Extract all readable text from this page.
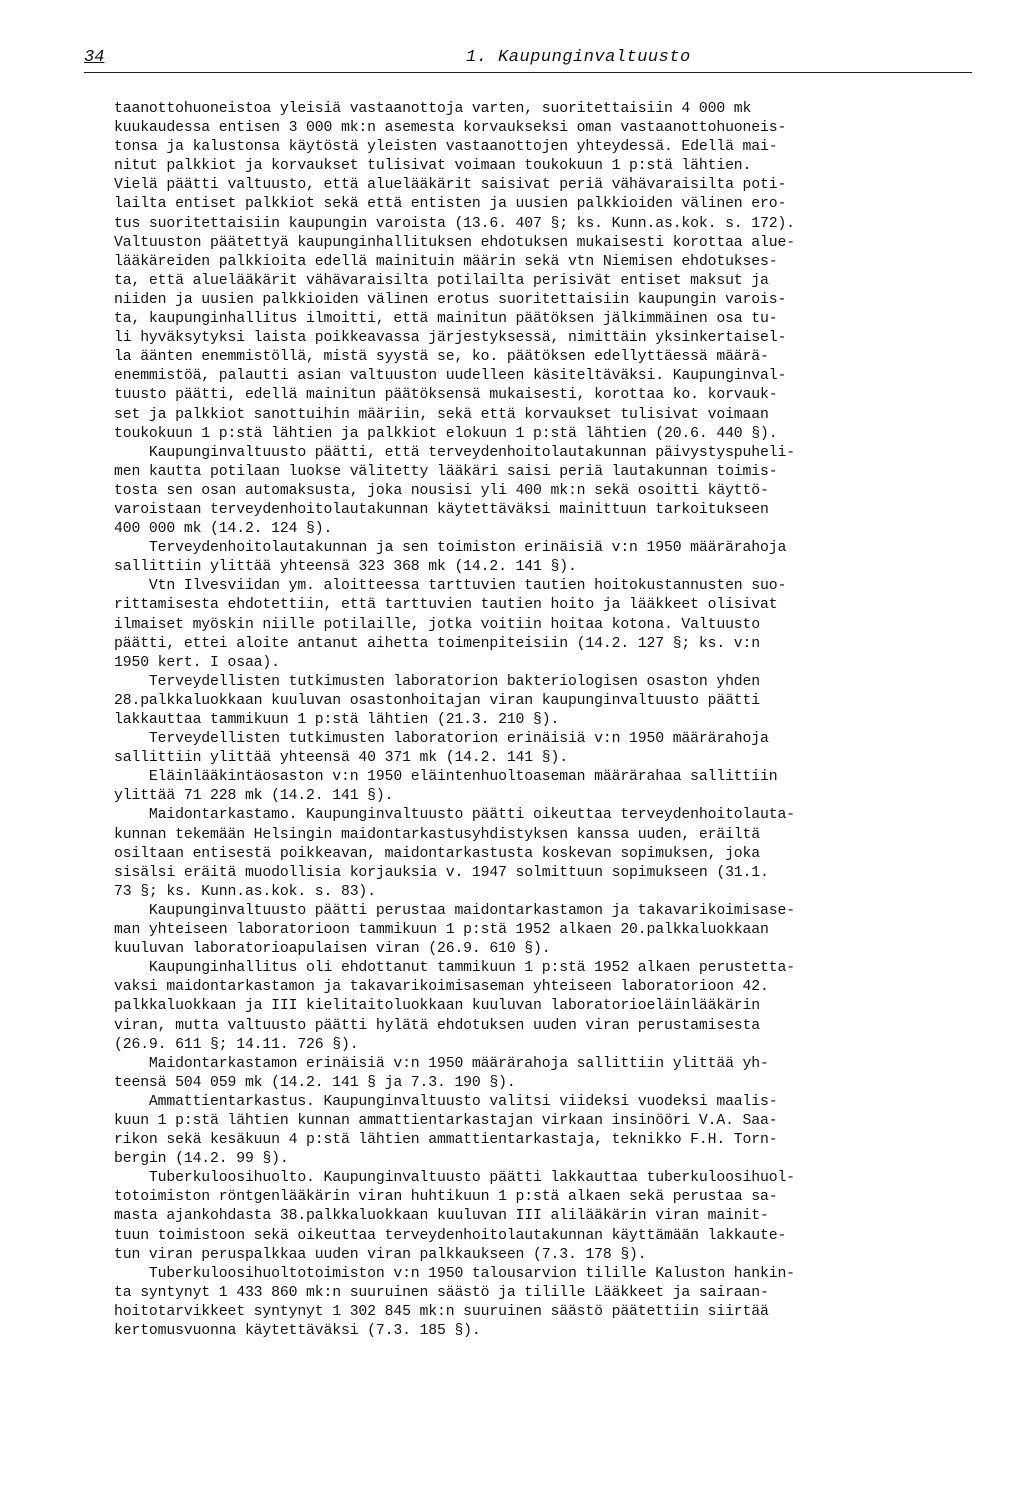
34	1. Kaupunginvaltuusto
taanottohuoneistoa yleisiä vastaanottoja varten, suoritettaisiin 4 000 mk
kuukaudessa entisen 3 000 mk:n asemesta korvaukseksi oman vastaanottohuoneis-
tonsa ja kalustonsa käytöstä yleisten vastaanottojen yhteydessä. Edellä mai-
nitut palkkiot ja korvaukset tulisivat voimaan toukokuun 1 p:stä lähtien.
Vielä päätti valtuusto, että aluelääkärit saisivat periä vähävaraisilta poti-
lailta entiset palkkiot sekä että entisten ja uusien palkkioiden välinen ero-
tus suoritettaisiin kaupungin varoista (13.6. 407 §; ks. Kunn.as.kok. s. 172).
Valtuuston päätettyä kaupunginhallituksen ehdotuksen mukaisesti korottaa alue-
lääkäreiden palkkioita edellä mainituin määrin sekä vtn Niemisen ehdotukses-
ta, että aluelääkärit vähävaraisilta potilailta perisivät entiset maksut ja
niiden ja uusien palkkioiden välinen erotus suoritettaisiin kaupungin varois-
ta, kaupunginhallitus ilmoitti, että mainitun päätöksen jälkimmäinen osa tu-
li hyväksytyksi laista poikkeavassa järjestyksessä, nimittäin yksinkertaisel-
la äänten enemmistöllä, mistä syystä se, ko. päätöksen edellyttäessä määrä-
enemmistöä, palautti asian valtuuston uudelleen käsiteltäväksi. Kaupunginval-
tuusto päätti, edellä mainitun päätöksensä mukaisesti, korottaa ko. korvauk-
set ja palkkiot sanottuihin määriin, sekä että korvaukset tulisivat voimaan
toukokuun 1 p:stä lähtien ja palkkiot elokuun 1 p:stä lähtien (20.6. 440 §).
Kaupunginvaltuusto päätti, että terveydenhoitolautakunnan päivystyspuheli-
men kautta potilaan luokse välitetty lääkäri saisi periä lautakunnan toimis-
tosta sen osan automaksusta, joka nousisi yli 400 mk:n sekä osoitti käyttö-
varoistaan terveydenhoitolautakunnan käytettäväksi mainittuun tarkoitukseen
400 000 mk (14.2. 124 §).
Terveydenhoitolautakunnan ja sen toimiston erinäisiä v:n 1950 määrärahoja
sallittiin ylittää yhteensä 323 368 mk (14.2. 141 §).
Vtn Ilvesviidan ym. aloitteessa tarttuvien tautien hoitokustannusten suo-
rittamisesta ehdotettiin, että tarttuvien tautien hoito ja lääkkeet olisivat
ilmaiset myöskin niille potilaille, jotka voitiin hoitaa kotona. Valtuusto
päätti, ettei aloite antanut aihetta toimenpiteisiin (14.2. 127 §; ks. v:n
1950 kert. I osaa).
Terveydellisten tutkimusten laboratorion bakteriologisen osaston yhden
28.palkkaluokkaan kuuluvan osastonhoitajan viran kaupunginvaltuusto päätti
lakkauttaa tammikuun 1 p:stä lähtien (21.3. 210 §).
Terveydellisten tutkimusten laboratorion erinäisiä v:n 1950 määrärahoja
sallittiin ylittää yhteensä 40 371 mk (14.2. 141 §).
Eläinlääkintäosaston v:n 1950 eläintenhuoltoaseman määrärahaa sallittiin
ylittää 71 228 mk (14.2. 141 §).
Maidontarkastamo. Kaupunginvaltuusto päätti oikeuttaa terveydenhoitolauta-
kunnan tekemään Helsingin maidontarkastusyhdistyksen kanssa uuden, eräiltä
osiltaan entisestä poikkeavan, maidontarkastusta koskevan sopimuksen, joka
sisälsi eräitä muodollisia korjauksia v. 1947 solmittuun sopimukseen (31.1.
73 §; ks. Kunn.as.kok. s. 83).
Kaupunginvaltuusto päätti perustaa maidontarkastamon ja takavarikoimisase-
man yhteiseen laboratorioon tammikuun 1 p:stä 1952 alkaen 20.palkkaluokkaan
kuuluvan laboratorioapulaisen viran (26.9. 610 §).
Kaupunginhallitus oli ehdottanut tammikuun 1 p:stä 1952 alkaen perustetta-
vaksi maidontarkastamon ja takavarikoimisaseman yhteiseen laboratorioon 42.
palkkaluokkaan ja III kielitaitoluokkaan kuuluvan laboratorioeläinlääkärin
viran, mutta valtuusto päätti hylätä ehdotuksen uuden viran perustamisesta
(26.9. 611 §; 14.11. 726 §).
Maidontarkastamon erinäisiä v:n 1950 määrärahoja sallittiin ylittää yh-
teensä 504 059 mk (14.2. 141 § ja 7.3. 190 §).
Ammattientarkastus. Kaupunginvaltuusto valitsi viideksi vuodeksi maalis-
kuun 1 p:stä lähtien kunnan ammattientarkastajan virkaan insinööri V.A. Saa-
rikon sekä kesäkuun 4 p:stä lähtien ammattientarkastaja, teknikko F.H. Torn-
bergin (14.2. 99 §).
Tuberkuloosihuolto. Kaupunginvaltuusto päätti lakkauttaa tuberkuloosihuol-
totoimiston röntgenlääkärin viran huhtikuun 1 p:stä alkaen sekä perustaa sa-
masta ajankohdasta 38.palkkaluokkaan kuuluvan III alilääkärin viran mainit-
tuun toimistoon sekä oikeuttaa terveydenhoitolautakunnan käyttämään lakkaute-
tun viran peruspalkkaa uuden viran palkkaukseen (7.3. 178 §).
Tuberkuloosihuoltotoimiston v:n 1950 talousarvion tilille Kaluston hankin-
ta syntynyt 1 433 860 mk:n suuruinen säästö ja tilille Lääkkeet ja sairaan-
hoitotarvikkeet syntynyt 1 302 845 mk:n suuruinen säästö päätettiin siirtää
kertomusvuonna käytettäväksi (7.3. 185 §).
